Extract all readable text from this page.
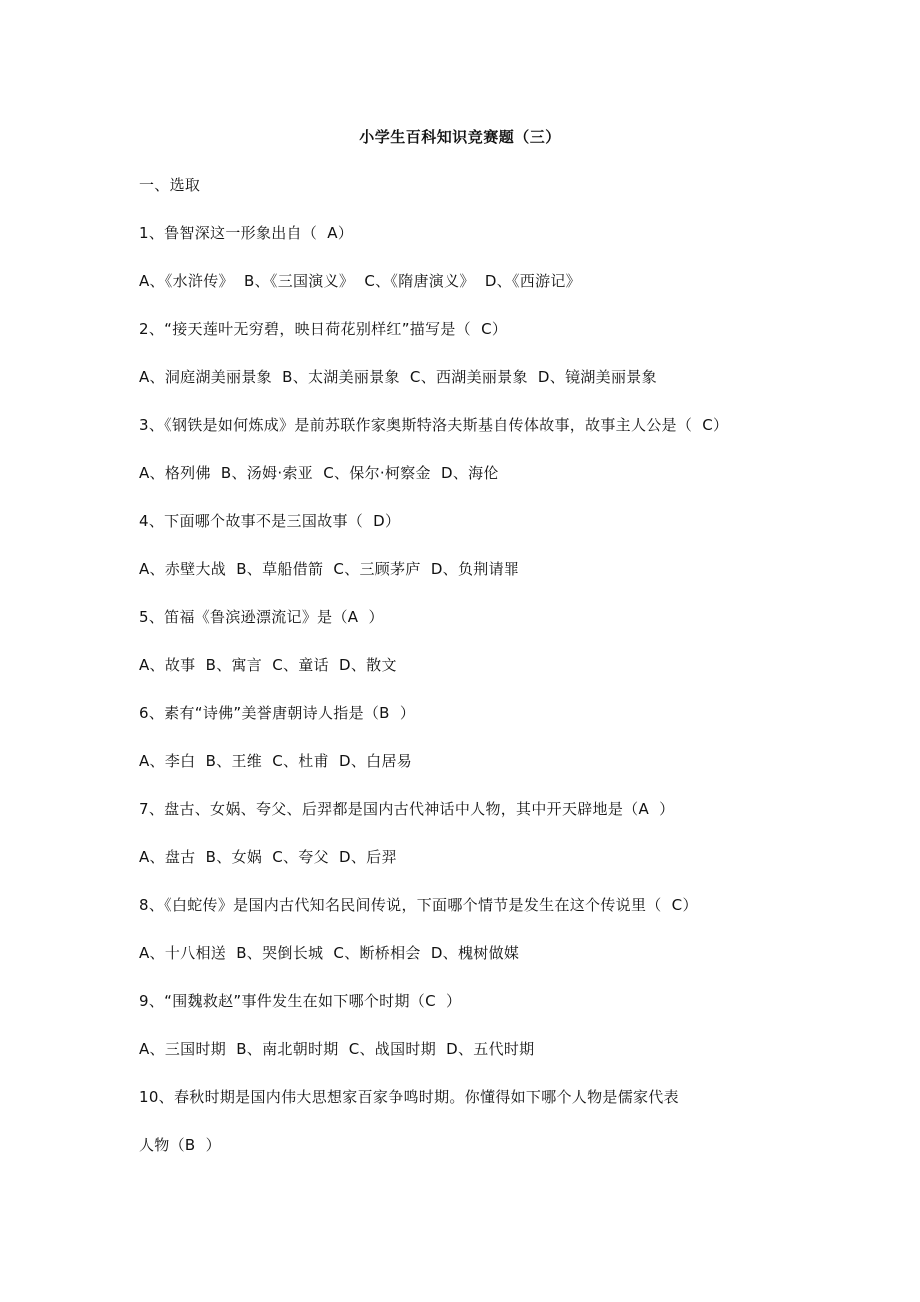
小学生百科知识竞赛题（三）
一、选取
1、鲁智深这一形象出自（  A）
A、《水浒传》  B、《三国演义》  C、《隋唐演义》  D、《西游记》
2、“接天莲叶无穷碧，映日荷花别样红”描写是（  C）
A、洞庭湖美丽景象  B、太湖美丽景象  C、西湖美丽景象  D、镜湖美丽景象
3、《钢铁是如何炼成》是前苏联作家奥斯特洛夫斯基自传体故事，故事主人公是（  C）
A、格列佛  B、汤姆·索亚  C、保尔·柯察金  D、海伦
4、下面哪个故事不是三国故事（  D）
A、赤壁大战  B、草船借箭  C、三顾茅庐  D、负荆请罪
5、笛福《鲁滨逊漂流记》是（A  ）
A、故事  B、寓言  C、童话  D、散文
6、素有“诗佛”美誉唐朝诗人指是（B  ）
A、李白  B、王维  C、杜甫  D、白居易
7、盘古、女娲、夸父、后羿都是国内古代神话中人物，其中开天辟地是（A  ）
A、盘古  B、女娲  C、夸父  D、后羿
8、《白蛇传》是国内古代知名民间传说，下面哪个情节是发生在这个传说里（  C）
A、十八相送  B、哭倒长城  C、断桥相会  D、槐树做媒
9、“围魏救赵”事件发生在如下哪个时期（C  ）
A、三国时期  B、南北朝时期  C、战国时期  D、五代时期
10、春秋时期是国内伟大思想家百家争鸣时期。你懂得如下哪个人物是儒家代表
人物（B  ）
